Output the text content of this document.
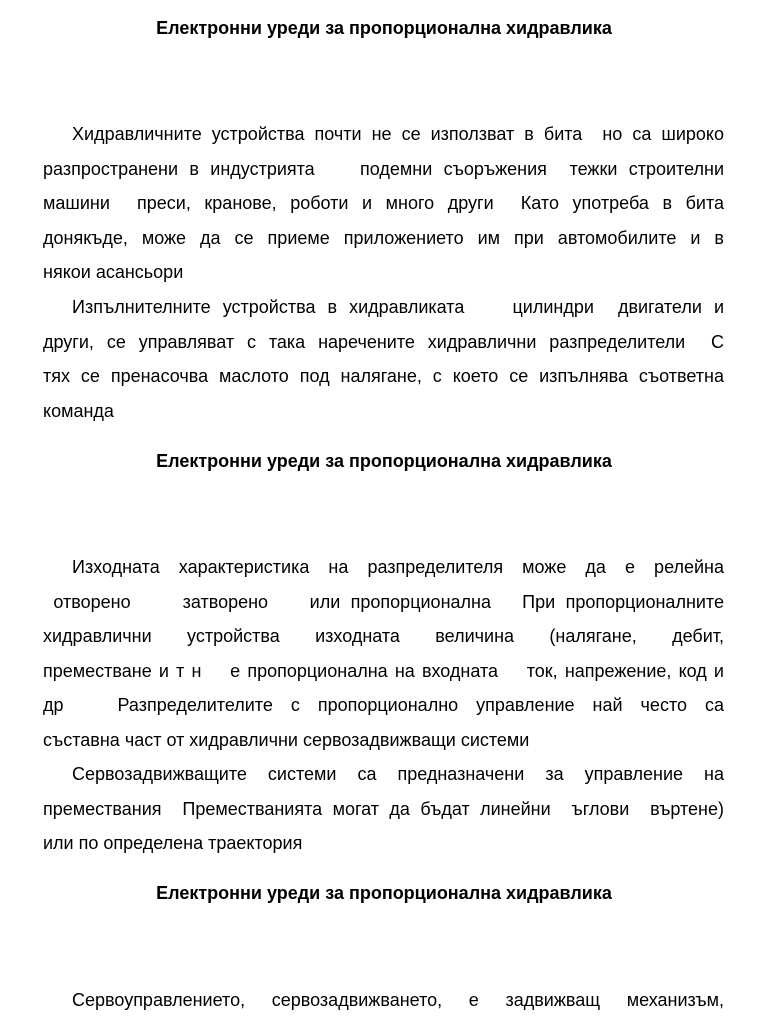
Електронни уреди за пропорционална хидравлика
Хидравличните устройства почти не се използват в бита  но са широко
разпространени в индустрията    подемни съоръжения  тежки строителни
машини  преси, кранове, роботи и много други  Като употреба в бита
донякъде, може да се приеме приложението им при автомобилите и в
някои асансьори
Изпълнителните устройства в хидравликата    цилиндри  двигатели и
други, се управляват с така наречените хидравлични разпределители  С
тях се пренасочва маслото под налягане, с което се изпълнява съответна
команда
Електронни уреди за пропорционална хидравлика
Изходната характеристика на разпределителя може да е релейна
отворено     затворено    или пропорционална   При пропорционалните
хидравлични  устройства  изходната  величина  (налягане,  дебит,
преместване и т н    е пропорционална на входната    ток, напрежение, код и
др   Разпределителите с пропорционално управление най често са
съставна част от хидравлични сервозадвижващи системи
Сервозадвижващите системи са предназначени за управление на
премествания  Преместванията могат да бъдат линейни  ъглови  въртене)
или по определена траектория
Електронни уреди за пропорционална хидравлика
Сервоуправлението,  сервозадвижването,  е  задвижващ  механизъм,
